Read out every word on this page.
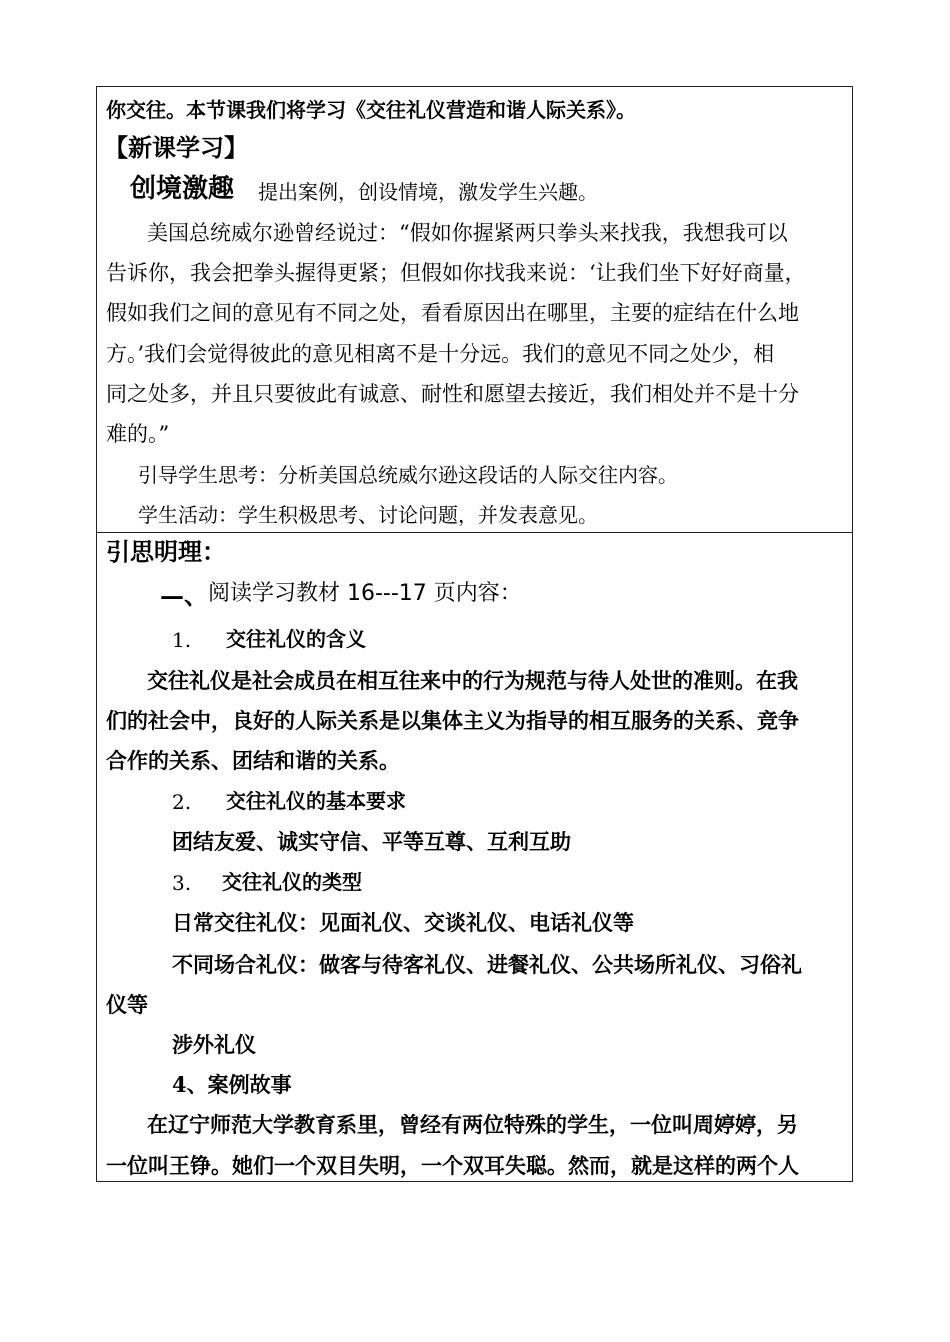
你交往。本节课我们将学习《交往礼仪营造和谐人际关系》。
【新课学习】
创境激趣 提出案例，创设情境，激发学生兴趣。
美国总统威尔逊曾经说过：“假如你握紧两只拳头来找我，我想我可以
告诉你，我会把拳头握得更紧；但假如你找我来说：‘让我们坐下好好商量，
假如我们之间的意见有不同之处，看看原因出在哪里，主要的症结在什么地
方。’我们会觉得彼此的意见相离不是十分远。我们的意见不同之处少，相
同之处多，并且只要彼此有诚意、耐性和愿望去接近，我们相处并不是十分
难的。”
引导学生思考：分析美国总统威尔逊这段话的人际交往内容。
学生活动：学生积极思考、讨论问题，并发表意见。
引思明理：
—、 阅读学习教材 16---17 页内容：
1. 交往礼仪的含义
交往礼仪是社会成员在相互往来中的行为规范与待人处世的准则。在我
们的社会中，良好的人际关系是以集体主义为指导的相互服务的关系、竞争
合作的关系、团结和谐的关系。
2. 交往礼仪的基本要求
团结友爱、诚实守信、平等互尊、互利互助
3. 交往礼仪的类型
日常交往礼仪：见面礼仪、交谈礼仪、电话礼仪等
不同场合礼仪：做客与待客礼仪、进餐礼仪、公共场所礼仪、习俗礼
仪等
涉外礼仪
4、案例故事
在辽宁师范大学教育系里，曾经有两位特殊的学生，一位叫周婷婷，另
一位叫王铮。她们一个双目失明，一个双耳失聪。然而，就是这样的两个人
